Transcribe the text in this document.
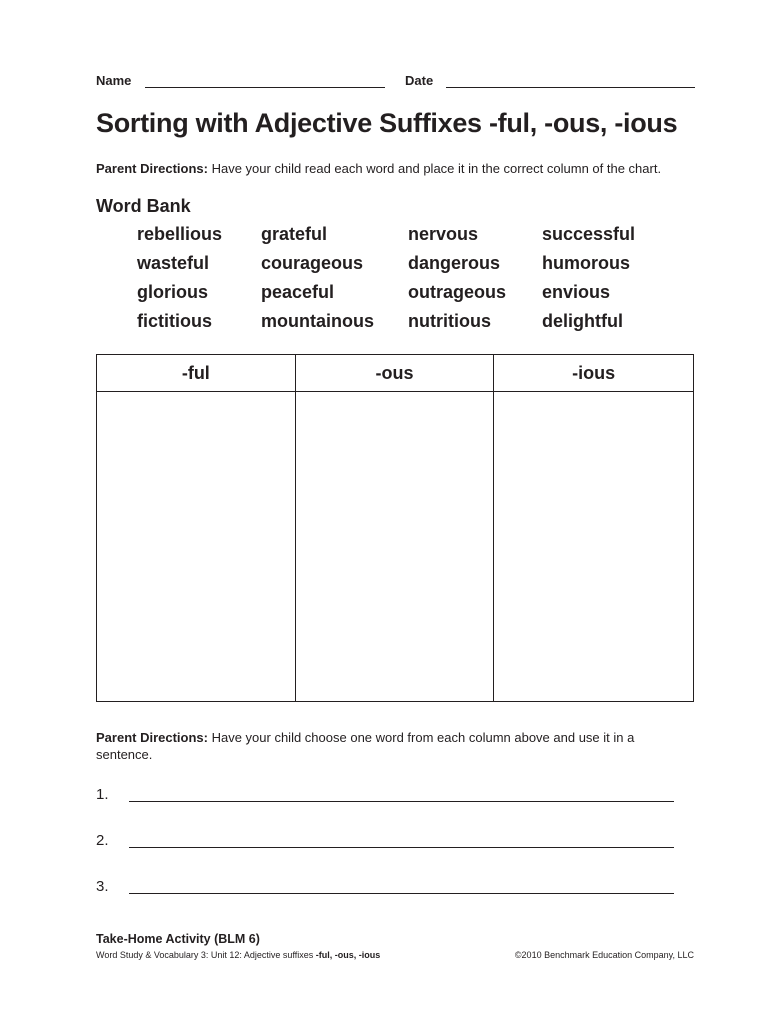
Name	Date
Sorting with Adjective Suffixes -ful, -ous, -ious
Parent Directions: Have your child read each word and place it in the correct column of the chart.
Word Bank
rebellious	grateful	nervous	successful
wasteful	courageous	dangerous	humorous
glorious	peaceful	outrageous	envious
fictitious	mountainous	nutritious	delightful
-ful	-ous	-ious
Parent Directions: Have your child choose one word from each column above and use it in a sentence.
1.
2.
3.
Take-Home Activity (BLM 6)
Word Study & Vocabulary 3: Unit 12: Adjective suffixes -ful, -ous, -ious	©2010 Benchmark Education Company, LLC
